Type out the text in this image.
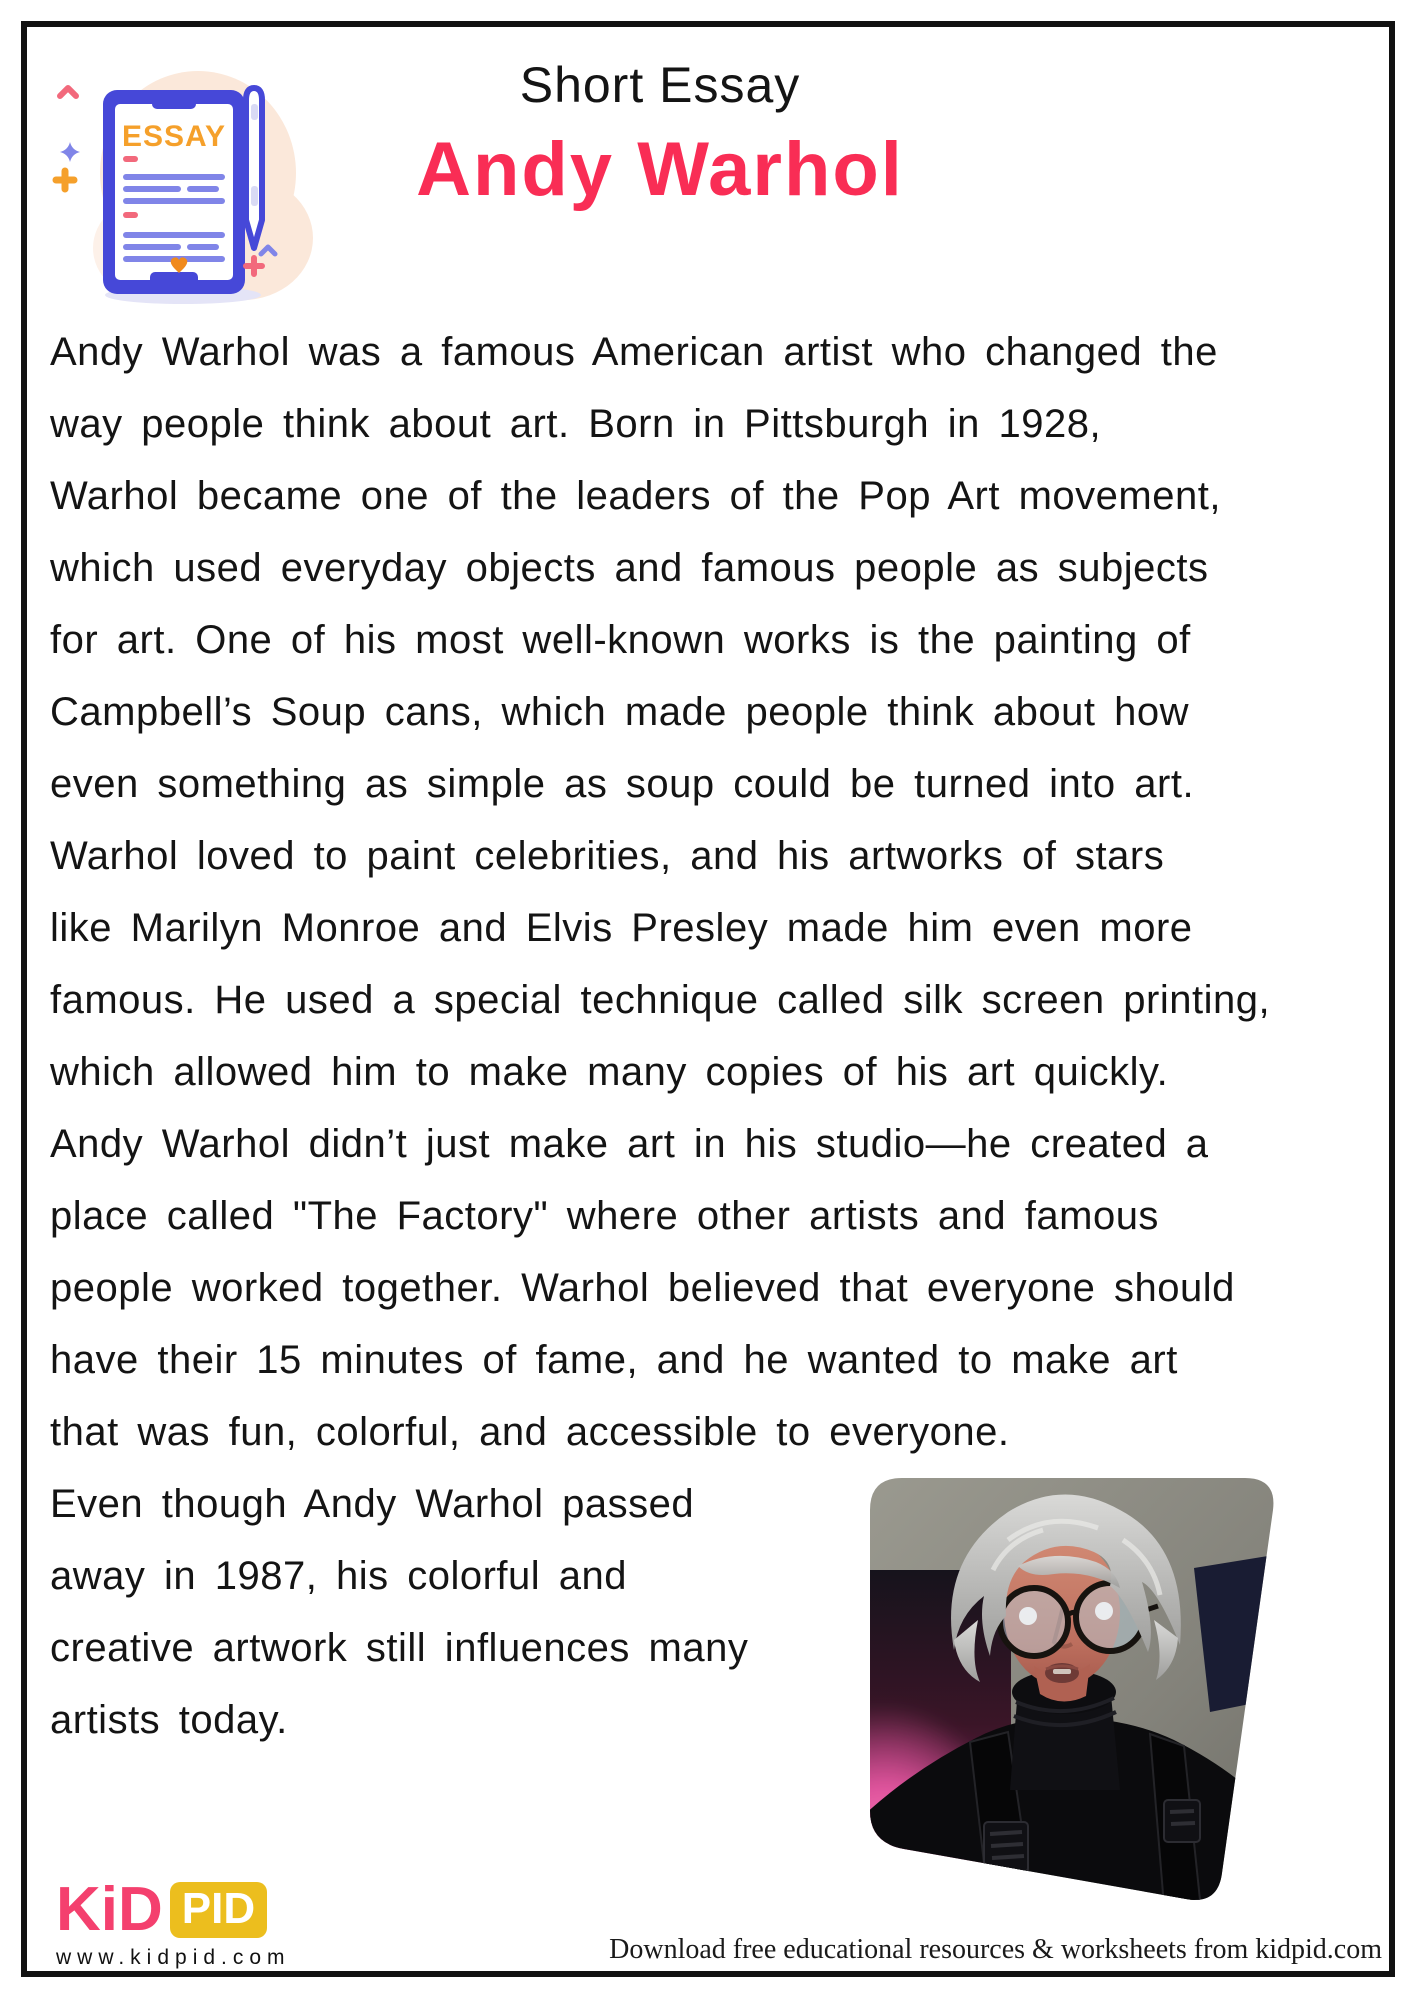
ESSAY
Short Essay
Andy Warhol
Andy Warhol was a famous American artist who changed the
way people think about art. Born in Pittsburgh in 1928,
Warhol became one of the leaders of the Pop Art movement,
which used everyday objects and famous people as subjects
for art. One of his most well-known works is the painting of
Campbell’s Soup cans, which made people think about how
even something as simple as soup could be turned into art.
Warhol loved to paint celebrities, and his artworks of stars
like Marilyn Monroe and Elvis Presley made him even more
famous. He used a special technique called silk screen printing,
which allowed him to make many copies of his art quickly.
Andy Warhol didn’t just make art in his studio—he created a
place called "The Factory" where other artists and famous
people worked together. Warhol believed that everyone should
have their 15 minutes of fame, and he wanted to make art
that was fun, colorful, and accessible to everyone.
Even though Andy Warhol passed
away in 1987, his colorful and
creative artwork still influences many
artists today.
KiD PID
www.kidpid.com	Download free educational resources & worksheets from kidpid.com
